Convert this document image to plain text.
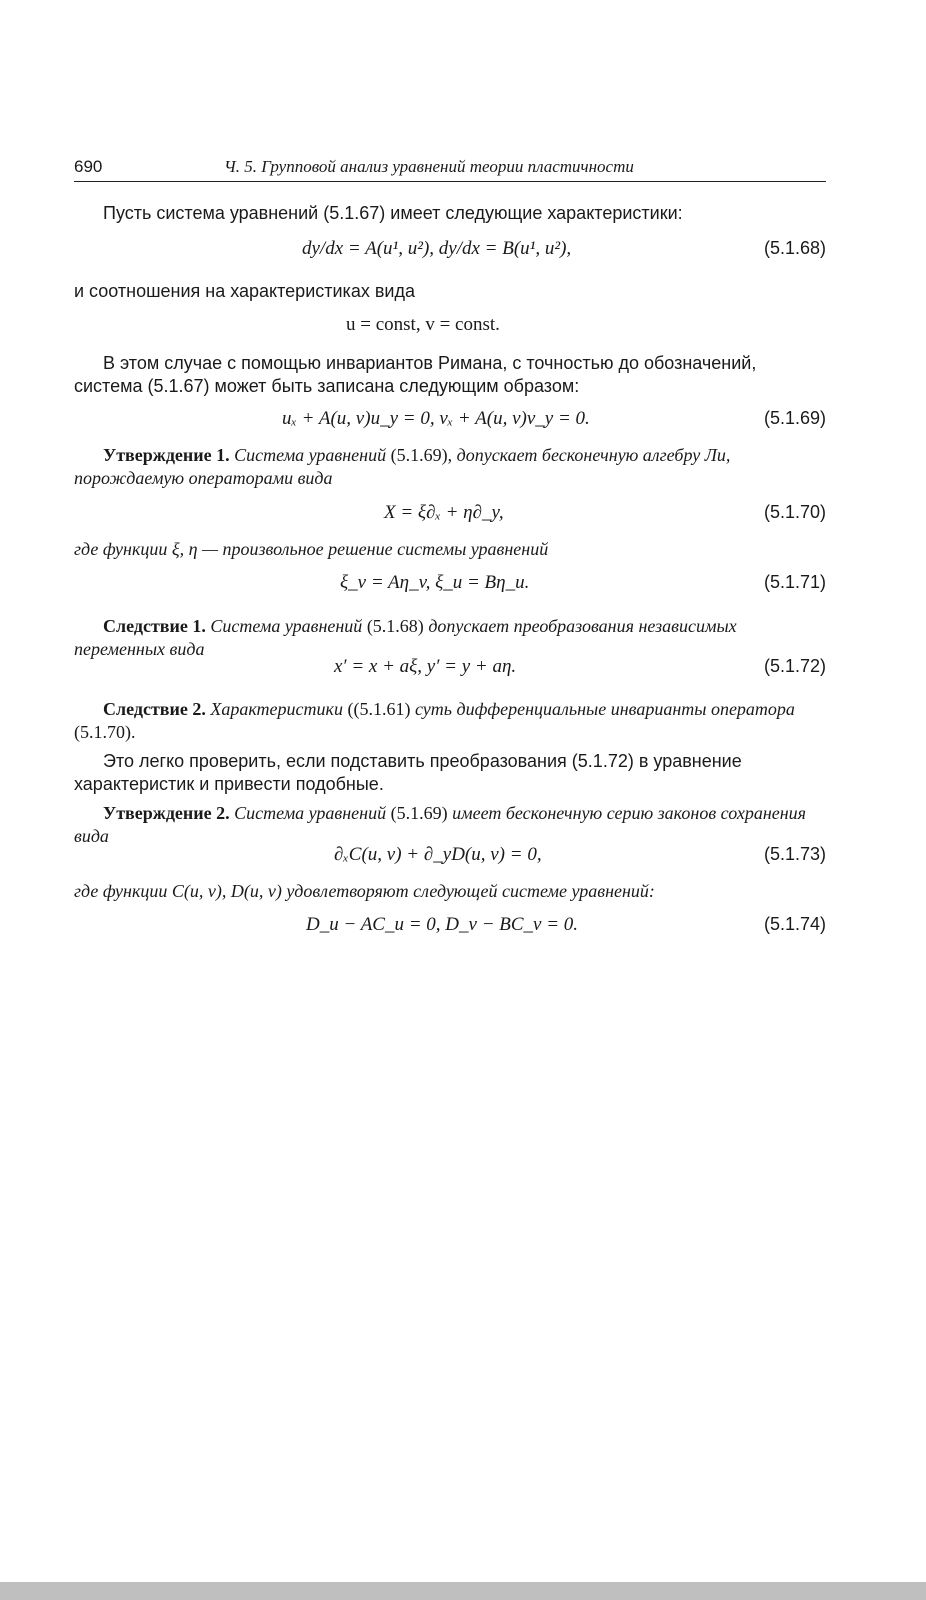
690	Ч. 5. Групповой анализ уравнений теории пластичности

Пусть система уравнений (5.1.67) имеет следующие характеристики:

dy/dx = A(u¹, u²), dy/dx = B(u¹, u²),	(5.1.68)

и соотношения на характеристиках вида

u = const, v = const.

В этом случае с помощью инвариантов Римана, с точностью до обозначений, система (5.1.67) может быть записана следующим образом:

uₓ + A(u, v)u_y = 0, vₓ + A(u, v)v_y = 0.	(5.1.69)

Утверждение 1. Система уравнений (5.1.69), допускает бесконечную алгебру Ли, порождаемую операторами вида

X = ξ∂ₓ + η∂_y,	(5.1.70)

где функции ξ, η — произвольное решение системы уравнений

ξ_v = Aη_v, ξ_u = Bη_u.	(5.1.71)

Следствие 1. Система уравнений (5.1.68) допускает преобразования независимых переменных вида

x′ = x + aξ, y′ = y + aη.	(5.1.72)

Следствие 2. Характеристики ((5.1.61) суть дифференциальные инварианты оператора (5.1.70).

Это легко проверить, если подставить преобразования (5.1.72) в уравнение характеристик и привести подобные.

Утверждение 2. Система уравнений (5.1.69) имеет бесконечную серию законов сохранения вида

∂ₓC(u, v) + ∂_yD(u, v) = 0,	(5.1.73)

где функции C(u, v), D(u, v) удовлетворяют следующей системе уравнений:

D_u − AC_u = 0, D_v − BC_v = 0.	(5.1.74)
